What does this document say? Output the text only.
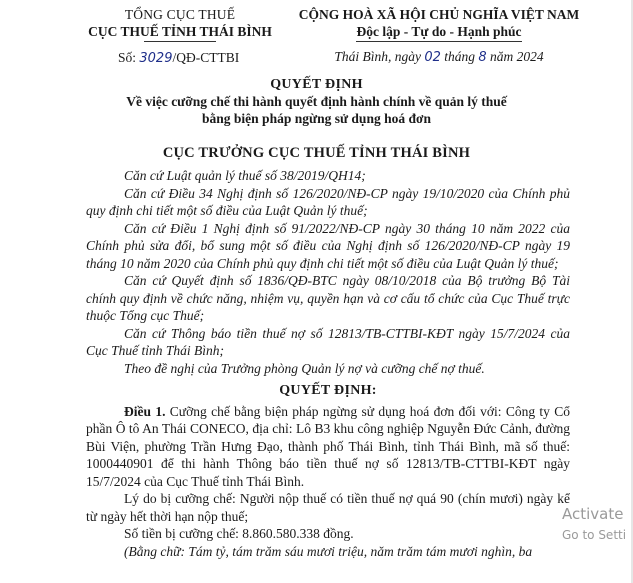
TỔNG CỤC THUẾ
CỤC THUẾ TỈNH THÁI BÌNH
Số: 3029/QĐ-CTTBI
CỘNG HOÀ XÃ HỘI CHỦ NGHĨA VIỆT NAM
Độc lập - Tự do - Hạnh phúc
Thái Bình, ngày 02 tháng 8 năm 2024
QUYẾT ĐỊNH
Về việc cưỡng chế thi hành quyết định hành chính về quản lý thuế
bằng biện pháp ngừng sử dụng hoá đơn
CỤC TRƯỞNG CỤC THUẾ TỈNH THÁI BÌNH

Căn cứ Luật quản lý thuế số 38/2019/QH14;

Căn cứ Điều 34 Nghị định số 126/2020/NĐ-CP ngày 19/10/2020 của Chính phủ quy định chi tiết một số điều của Luật Quản lý thuế;

Căn cứ Điều 1 Nghị định số 91/2022/NĐ-CP ngày 30 tháng 10 năm 2022 của Chính phủ sửa đổi, bổ sung một số điều của Nghị định số 126/2020/NĐ-CP ngày 19 tháng 10 năm 2020 của Chính phủ quy định chi tiết một số điều của Luật Quản lý thuế;

Căn cứ Quyết định số 1836/QĐ-BTC ngày 08/10/2018 của Bộ trưởng Bộ Tài chính quy định về chức năng, nhiệm vụ, quyền hạn và cơ cấu tổ chức của Cục Thuế trực thuộc Tổng cục Thuế;

Căn cứ Thông báo tiền thuế nợ số 12813/TB-CTTBI-KĐT ngày 15/7/2024 của Cục Thuế tỉnh Thái Bình;

Theo đề nghị của Trưởng phòng Quản lý nợ và cưỡng chế nợ thuế.

QUYẾT ĐỊNH:

Điều 1. Cưỡng chế bằng biện pháp ngừng sử dụng hoá đơn đối với: Công ty Cổ phần Ô tô An Thái CONECO, địa chỉ: Lô B3 khu công nghiệp Nguyễn Đức Cảnh, đường Bùi Viện, phường Trần Hưng Đạo, thành phố Thái Bình, tỉnh Thái Bình, mã số thuế: 1000440901 để thi hành Thông báo tiền thuế nợ số 12813/TB-CTTBI-KĐT ngày 15/7/2024 của Cục Thuế tỉnh Thái Bình.

Lý do bị cưỡng chế: Người nộp thuế có tiền thuế nợ quá 90 (chín mươi) ngày kể từ ngày hết thời hạn nộp thuế;

Số tiền bị cưỡng chế: 8.860.580.338 đồng.

(Bằng chữ: Tám tỷ, tám trăm sáu mươi triệu, năm trăm tám mươi nghìn, ba

Activate
Go to Setti
